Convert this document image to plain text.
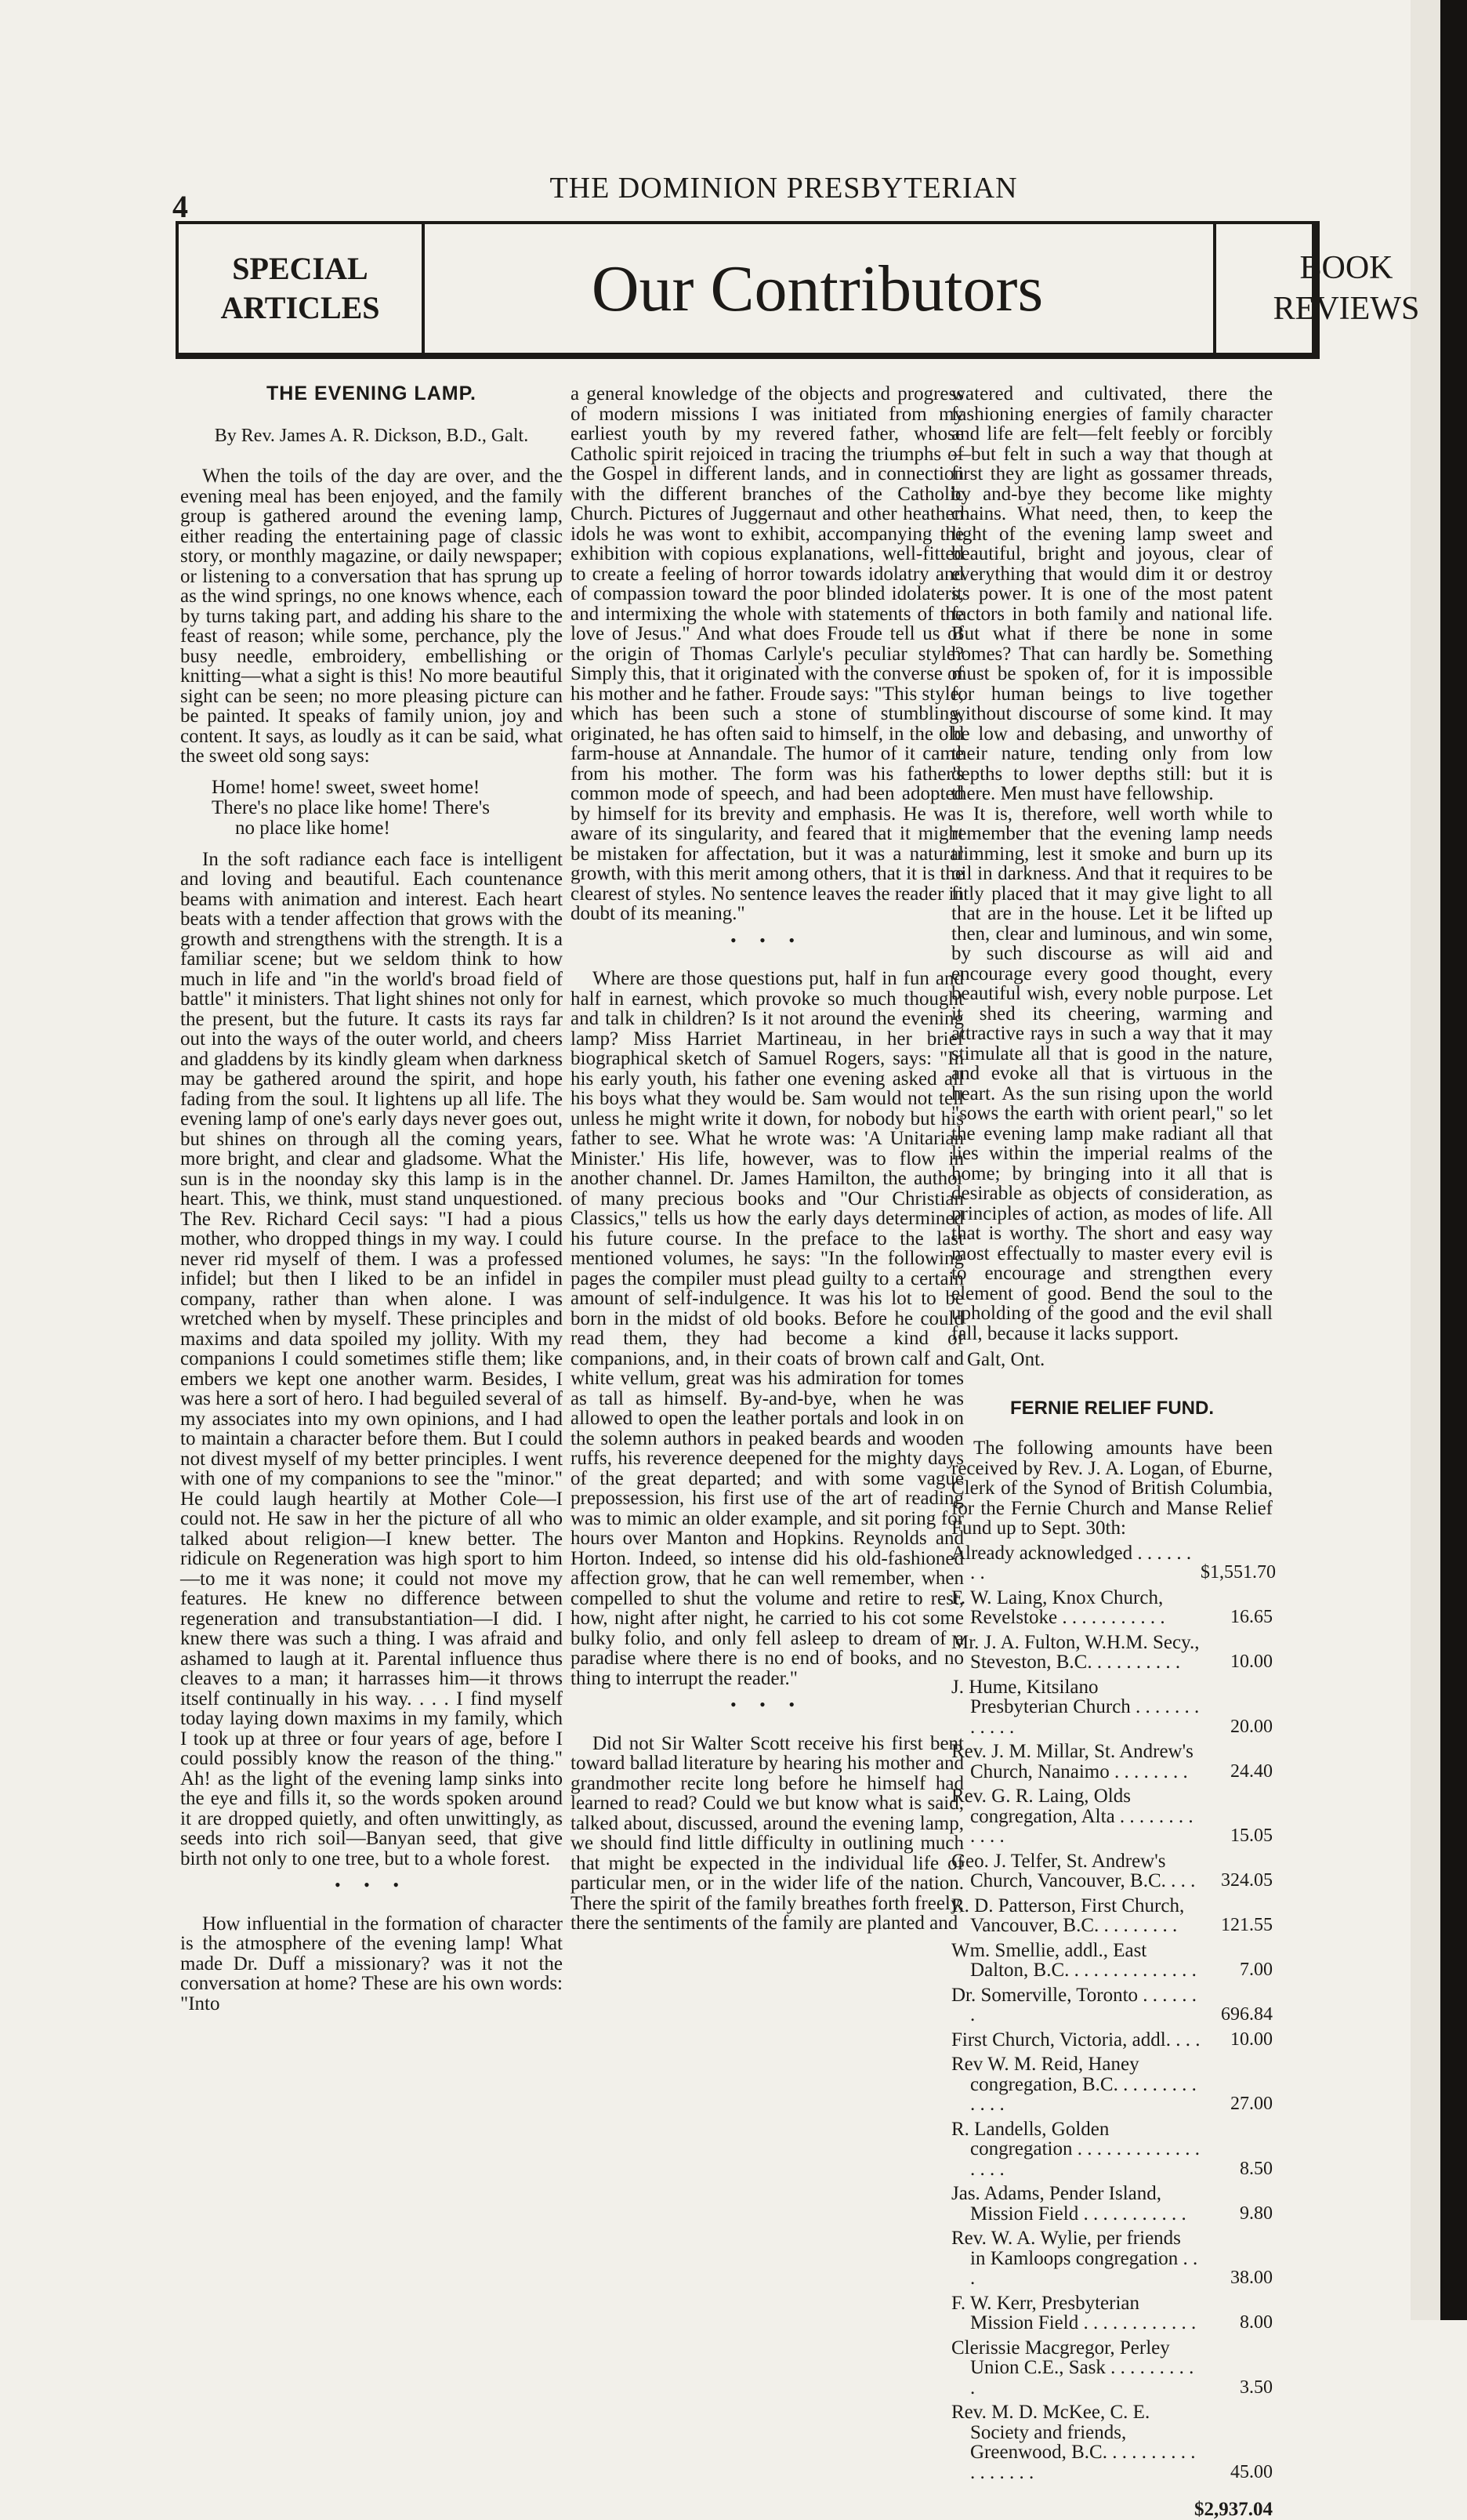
4
THE DOMINION PRESBYTERIAN
SPECIAL
ARTICLES	Our Contributors	BOOK
REVIEWS
THE EVENING LAMP.
By Rev. James A. R. Dickson, B.D., Galt.

When the toils of the day are over, and the evening meal has been enjoyed, and the family group is gathered around the evening lamp, either reading the entertaining page of classic story, or monthly magazine, or daily newspaper; or listening to a conversation that has sprung up as the wind springs, no one knows whence, each by turns taking part, and adding his share to the feast of reason; while some, perchance, ply the busy needle, embroidery, embellishing or knitting—what a sight is this! No more beautiful sight can be seen; no more pleasing picture can be painted. It speaks of family union, joy and content. It says, as loudly as it can be said, what the sweet old song says:

Home! home! sweet, sweet home!
There's no place like home! There's
no place like home!

In the soft radiance each face is intelligent and loving and beautiful. Each countenance beams with animation and interest. Each heart beats with a tender affection that grows with the growth and strengthens with the strength. It is a familiar scene; but we seldom think to how much in life and "in the world's broad field of battle" it ministers. That light shines not only for the present, but the future. It casts its rays far out into the ways of the outer world, and cheers and gladdens by its kindly gleam when darkness may be gathered around the spirit, and hope fading from the soul. It lightens up all life. The evening lamp of one's early days never goes out, but shines on through all the coming years, more bright, and clear and gladsome. What the sun is in the noonday sky this lamp is in the heart. This, we think, must stand unquestioned. The Rev. Richard Cecil says: "I had a pious mother, who dropped things in my way. I could never rid myself of them. I was a professed infidel; but then I liked to be an infidel in company, rather than when alone. I was wretched when by myself. These principles and maxims and data spoiled my jollity. With my companions I could sometimes stifle them; like embers we kept one another warm. Besides, I was here a sort of hero. I had beguiled several of my associates into my own opinions, and I had to maintain a character before them. But I could not divest myself of my better principles. I went with one of my companions to see the "minor." He could laugh heartily at Mother Cole—I could not. He saw in her the picture of all who talked about religion—I knew better. The ridicule on Regeneration was high sport to him—to me it was none; it could not move my features. He knew no difference between regeneration and transubstantiation—I did. I knew there was such a thing. I was afraid and ashamed to laugh at it. Parental influence thus cleaves to a man; it harrasses him—it throws itself continually in his way. . . . I find myself today laying down maxims in my family, which I took up at three or four years of age, before I could possibly know the reason of the thing." Ah! as the light of the evening lamp sinks into the eye and fills it, so the words spoken around it are dropped quietly, and often unwittingly, as seeds into rich soil—Banyan seed, that give birth not only to one tree, but to a whole forest.

• • •

How influential in the formation of character is the atmosphere of the evening lamp! What made Dr. Duff a missionary? was it not the conversation at home? These are his own words: "Into

a general knowledge of the objects and progress of modern missions I was initiated from my earliest youth by my revered father, whose Catholic spirit rejoiced in tracing the triumphs of the Gospel in different lands, and in connection with the different branches of the Catholic Church. Pictures of Juggernaut and other heathen idols he was wont to exhibit, accompanying the exhibition with copious explanations, well-fitted to create a feeling of horror towards idolatry and of compassion toward the poor blinded idolaters, and intermixing the whole with statements of the love of Jesus." And what does Froude tell us of the origin of Thomas Carlyle's peculiar style? Simply this, that it originated with the converse of his mother and he father. Froude says: "This style, which has been such a stone of stumbling, originated, he has often said to himself, in the old farm-house at Annandale. The humor of it came from his mother. The form was his father's common mode of speech, and had been adopted by himself for its brevity and emphasis. He was aware of its singularity, and feared that it might be mistaken for affectation, but it was a natural growth, with this merit among others, that it is the clearest of styles. No sentence leaves the reader in doubt of its meaning."

• • •

Where are those questions put, half in fun and half in earnest, which provoke so much thought and talk in children? Is it not around the evening lamp? Miss Harriet Martineau, in her brief biographical sketch of Samuel Rogers, says: "In his early youth, his father one evening asked all his boys what they would be. Sam would not tell unless he might write it down, for nobody but his father to see. What he wrote was: 'A Unitarian Minister.' His life, however, was to flow in another channel. Dr. James Hamilton, the author of many precious books and "Our Christian Classics," tells us how the early days determined his future course. In the preface to the last mentioned volumes, he says: "In the following pages the compiler must plead guilty to a certain amount of self-indulgence. It was his lot to be born in the midst of old books. Before he could read them, they had become a kind of companions, and, in their coats of brown calf and white vellum, great was his admiration for tomes as tall as himself. By-and-bye, when he was allowed to open the leather portals and look in on the solemn authors in peaked beards and wooden ruffs, his reverence deepened for the mighty days of the great departed; and with some vague prepossession, his first use of the art of reading was to mimic an older example, and sit poring for hours over Manton and Hopkins. Reynolds and Horton. Indeed, so intense did his old-fashioned affection grow, that he can well remember, when compelled to shut the volume and retire to rest, how, night after night, he carried to his cot some bulky folio, and only fell asleep to dream of a paradise where there is no end of books, and no thing to interrupt the reader."

• • •

Did not Sir Walter Scott receive his first bent toward ballad literature by hearing his mother and grandmother recite long before he himself had learned to read? Could we but know what is said, talked about, discussed, around the evening lamp, we should find little difficulty in outlining much that might be expected in the individual life of particular men, or in the wider life of the nation. There the spirit of the family breathes forth freely, there the sentiments of the family are planted and

watered and cultivated, there the fashioning energies of family character and life are felt—felt feebly or forcibly—but felt in such a way that though at first they are light as gossamer threads, by and-bye they become like mighty chains. What need, then, to keep the light of the evening lamp sweet and beautiful, bright and joyous, clear of everything that would dim it or destroy its power. It is one of the most patent factors in both family and national life. But what if there be none in some homes? That can hardly be. Something must be spoken of, for it is impossible for human beings to live together without discourse of some kind. It may be low and debasing, and unworthy of their nature, tending only from low depths to lower depths still: but it is there. Men must have fellowship.

It is, therefore, well worth while to remember that the evening lamp needs trimming, lest it smoke and burn up its oil in darkness. And that it requires to be fitly placed that it may give light to all that are in the house. Let it be lifted up then, clear and luminous, and win some, by such discourse as will aid and encourage every good thought, every beautiful wish, every noble purpose. Let it shed its cheering, warming and attractive rays in such a way that it may stimulate all that is good in the nature, and evoke all that is virtuous in the heart. As the sun rising upon the world "sows the earth with orient pearl," so let the evening lamp make radiant all that lies within the imperial realms of the home; by bringing into it all that is desirable as objects of consideration, as principles of action, as modes of life. All that is worthy. The short and easy way most effectually to master every evil is to encourage and strengthen every element of good. Bend the soul to the upholding of the good and the evil shall fall, because it lacks support.

Galt, Ont.
FERNIE RELIEF FUND.

The following amounts have been received by Rev. J. A. Logan, of Eburne, Clerk of the Synod of British Columbia, for the Fernie Church and Manse Relief Fund up to Sept. 30th:

Already acknowledged . . . . . . . .	$1,551.70
F. W. Laing, Knox Church, Revelstoke . . . . . . . . . . .	16.65
Mr. J. A. Fulton, W.H.M. Secy., Steveston, B.C. . . . . . . . . .	10.00
J. Hume, Kitsilano Presbyterian Church . . . . . . . . . . . .	20.00
Rev. J. M. Millar, St. Andrew's Church, Nanaimo . . . . . . . .	24.40
Rev. G. R. Laing, Olds congregation, Alta . . . . . . . . . . . .	15.05
Geo. J. Telfer, St. Andrew's Church, Vancouver, B.C. . . .	324.05
R. D. Patterson, First Church, Vancouver, B.C. . . . . . . . .	121.55
Wm. Smellie, addl., East Dalton, B.C. . . . . . . . . . . . . .	7.00
Dr. Somerville, Toronto . . . . . . .	696.84
First Church, Victoria, addl. . . .	10.00
Rev W. M. Reid, Haney congregation, B.C. . . . . . . . . . . . .	27.00
R. Landells, Golden congregation . . . . . . . . . . . . . . . . .	8.50
Jas. Adams, Pender Island, Mission Field . . . . . . . . . . .	9.80
Rev. W. A. Wylie, per friends in Kamloops congregation . . .	38.00
F. W. Kerr, Presbyterian Mission Field . . . . . . . . . . . .	8.00
Clerissie Macgregor, Perley Union C.E., Sask . . . . . . . . . .	3.50
Rev. M. D. McKee, C. E. Society and friends, Greenwood, B.C. . . . . . . . . . . . . . . . .	45.00
$2,937.04
